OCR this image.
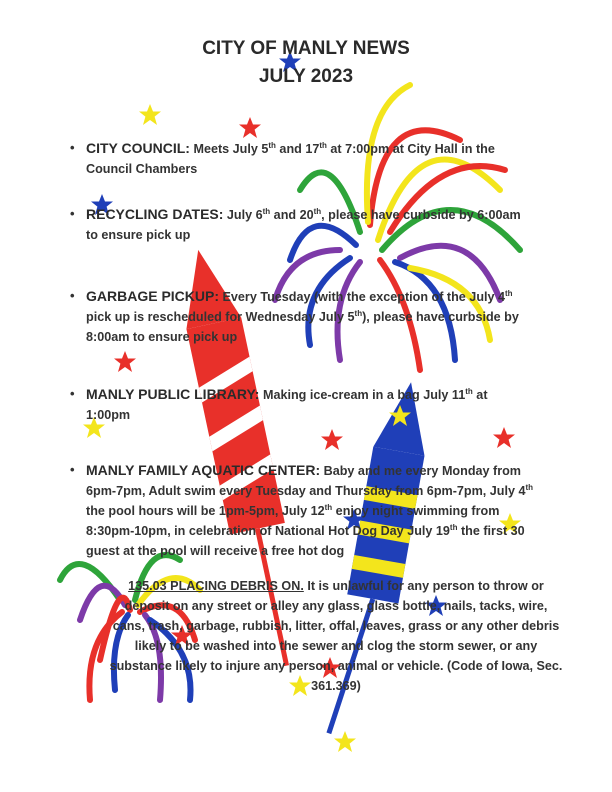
CITY OF MANLY NEWS
JULY 2023
• CITY COUNCIL: Meets July 5th and 17th at 7:00pm at City Hall in the Council Chambers
• RECYCLING DATES: July 6th and 20th, please have curbside by 6:00am to ensure pick up
• GARBAGE PICKUP: Every Tuesday (with the exception of the July 4th pick up is rescheduled for Wednesday July 5th), please have curbside by 8:00am to ensure pick up
• MANLY PUBLIC LIBRARY: Making ice-cream in a bag July 11th at 1:00pm
• MANLY FAMILY AQUATIC CENTER: Baby and me every Monday from 6pm-7pm, Adult swim every Tuesday and Thursday from 6pm-7pm, July 4th the pool hours will be 1pm-5pm, July 12th enjoy night swimming from 8:30pm-10pm, in celebration of National Hot Dog Day July 19th the first 30 guest at the pool will receive a free hot dog
135.03 PLACING DEBRIS ON. It is unlawful for any person to throw or deposit on any street or alley any glass, glass bottle, nails, tacks, wire, cans, trash, garbage, rubbish, litter, offal, leaves, grass or any other debris likely to be washed into the sewer and clog the storm sewer, or any substance likely to injure any person, animal or vehicle. (Code of Iowa, Sec. 361.369)
